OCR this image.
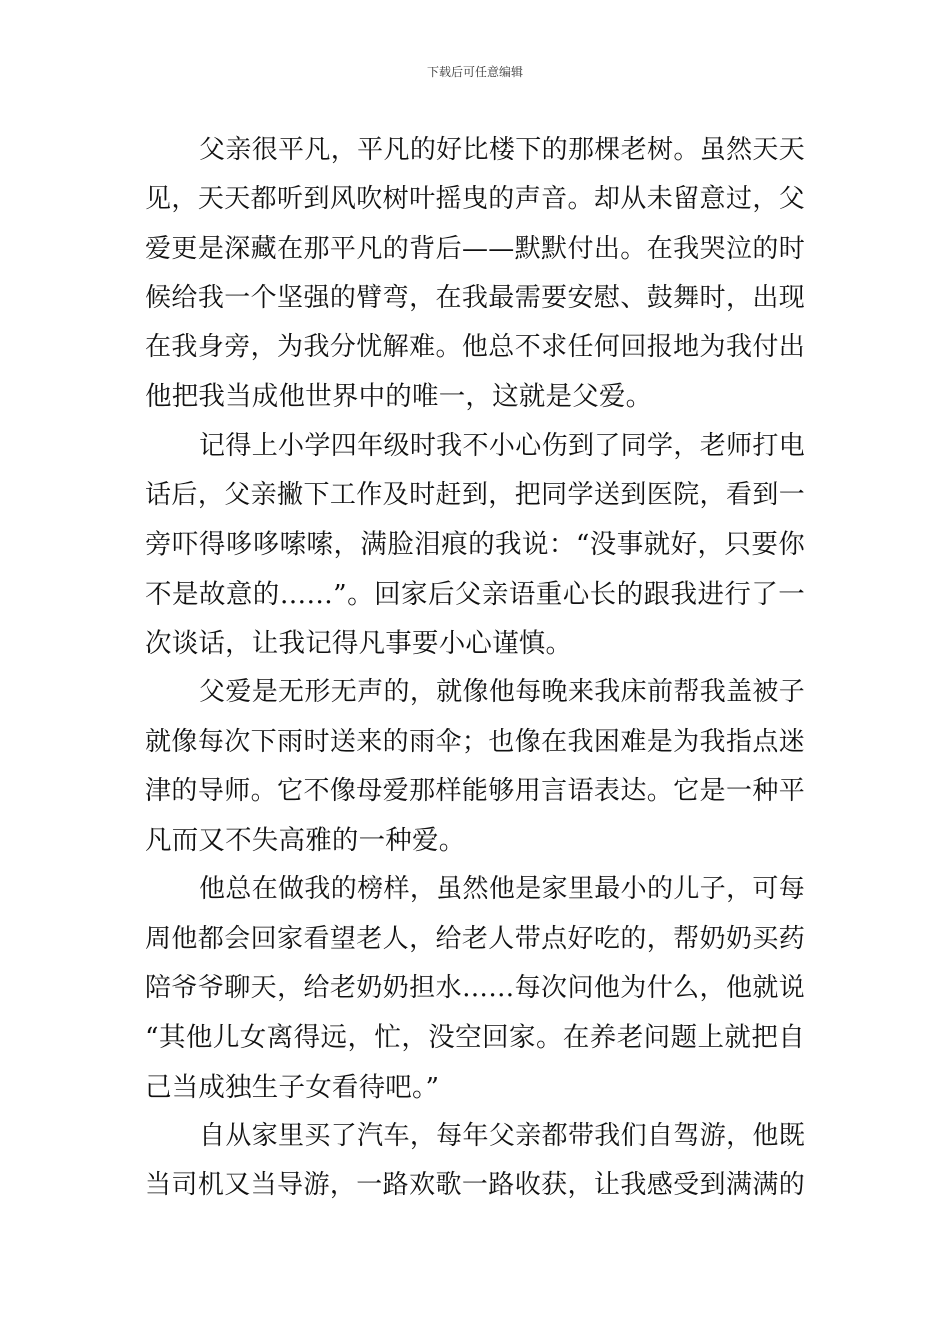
下载后可任意编辑
父亲很平凡，平凡的好比楼下的那棵老树。虽然天天
见，天天都听到风吹树叶摇曳的声音。却从未留意过，父
爱更是深藏在那平凡的背后——默默付出。在我哭泣的时
候给我一个坚强的臂弯，在我最需要安慰、鼓舞时，出现
在我身旁，为我分忧解难。他总不求任何回报地为我付出
他把我当成他世界中的唯一，这就是父爱。
记得上小学四年级时我不小心伤到了同学，老师打电
话后，父亲撇下工作及时赶到，把同学送到医院，看到一
旁吓得哆哆嗦嗦，满脸泪痕的我说：“没事就好，只要你
不是故意的……”。回家后父亲语重心长的跟我进行了一
次谈话，让我记得凡事要小心谨慎。
父爱是无形无声的，就像他每晚来我床前帮我盖被子
就像每次下雨时送来的雨伞；也像在我困难是为我指点迷
津的导师。它不像母爱那样能够用言语表达。它是一种平
凡而又不失高雅的一种爱。
他总在做我的榜样，虽然他是家里最小的儿子，可每
周他都会回家看望老人，给老人带点好吃的，帮奶奶买药
陪爷爷聊天，给老奶奶担水……每次问他为什么，他就说
“其他儿女离得远，忙，没空回家。在养老问题上就把自
己当成独生子女看待吧。”
自从家里买了汽车，每年父亲都带我们自驾游，他既
当司机又当导游，一路欢歌一路收获，让我感受到满满的
